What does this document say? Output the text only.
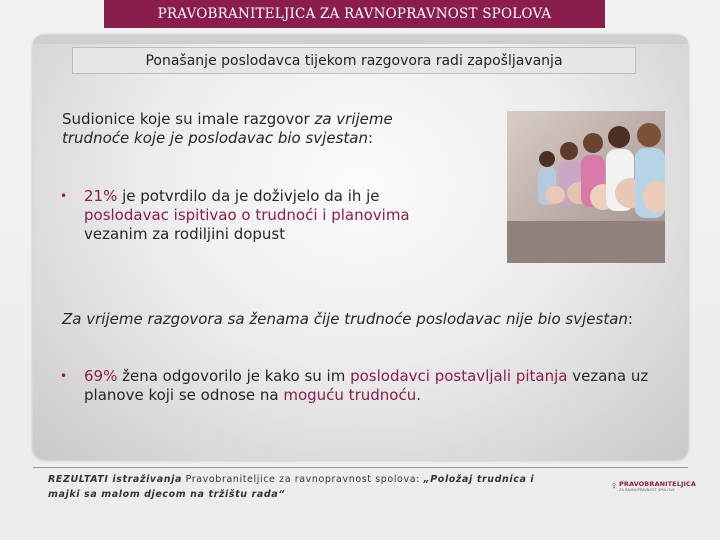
PRAVOBRANITELJICA ZA RAVNOPRAVNOST SPOLOVA
Ponašanje poslodavca tijekom razgovora radi zapošljavanja
Sudionice koje su imale razgovor za vrijeme trudnoće koje je poslodavac bio svjestan:
•	21% je potvrdilo da je doživjelo da ih je poslodavac ispitivao o trudnoći i planovima vezanim za rodiljini dopust
Za vrijeme razgovora sa ženama čije trudnoće poslodavac nije bio svjestan:
•	69% žena odgovorilo je kako su im poslodavci postavljali pitanja vezana uz planove koji se odnose na moguću trudnoću.
REZULTATI istraživanja Pravobraniteljice za ravnopravnost spolova: „Položaj trudnica i majki sa malom djecom na tržištu rada“
PRAVOBRANITELJICA
ZA RAVNOPRAVNOST SPOLOVA
